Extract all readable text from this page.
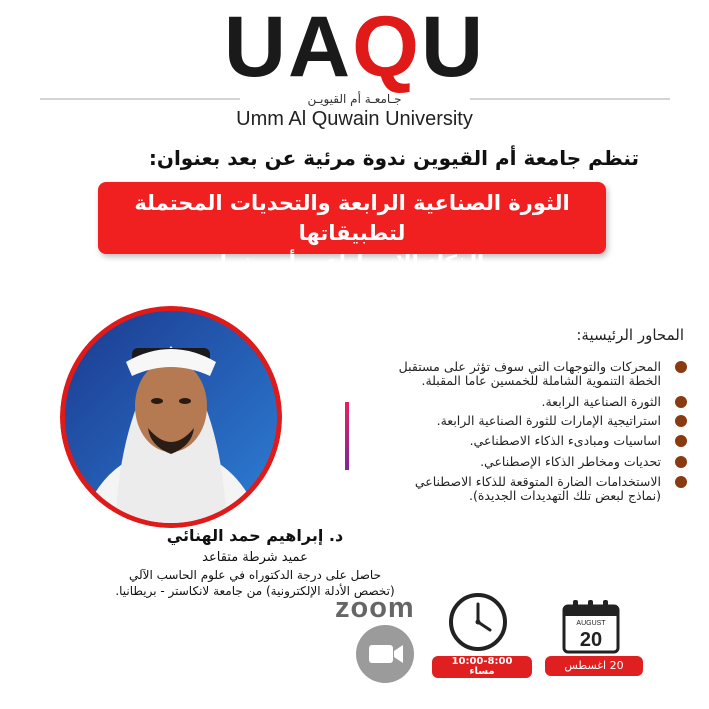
UAQU
جـامعـة أم القيويـن
Umm Al Quwain University
تنظم جامعة أم القيوين ندوة مرئية عن بعد بعنوان:
الثورة الصناعية الرابعة والتحديات المحتملة لتطبيقاتها
الذكاء الاصطناعي أنموذجا
المحاور الرئيسية:
المحركات والتوجهات التي سوف تؤثر على مستقبل
الخطة التنموية الشاملة للخمسين عاما المقبلة.
الثورة الصناعية الرابعة.
استراتيجية الإمارات للثورة الصناعية الرابعة.
اساسيات ومبادىء الذكاء الاصطناعي.
تحديات ومخاطر الذكاء الإصطناعي.
الاستخدامات الضارة المتوقعة للذكاء الاصطناعي
(نماذج لبعض تلك التهديدات الجديدة).
د. إبراهيم حمد الهنائي
عميد شرطة متقاعد
حاصل على درجة الدكتوراه في علوم الحاسب الآلي
(تخصص الأدلة الإلكترونية) من جامعة لانكاستر - بريطانيا.
AUGUST
20
20 اغسطس
10:00-8:00
مساء
zoom
